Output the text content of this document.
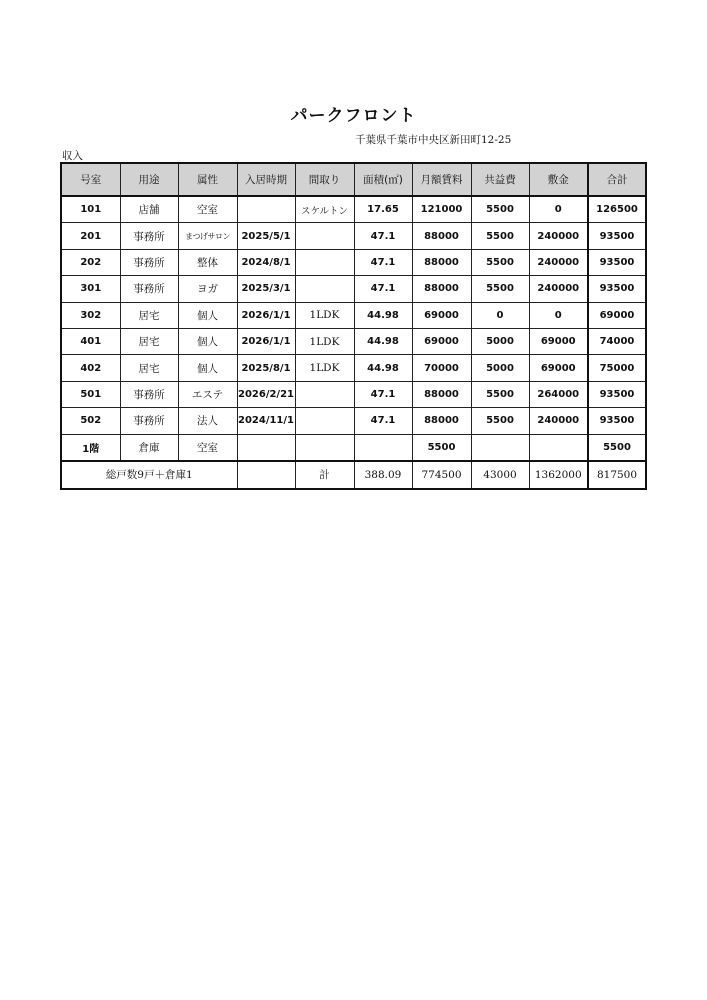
パークフロント
千葉県千葉市中央区新田町12-25
収入
号室	用途	属性	入居時期	間取り	面積(㎡)	月額賃料	共益費	敷金	合計
101	店舗	空室		スケルトン	17.65	121000	5500	0	126500
201	事務所	まつげサロン	2025/5/1		47.1	88000	5500	240000	93500
202	事務所	整体	2024/8/1		47.1	88000	5500	240000	93500
301	事務所	ヨガ	2025/3/1		47.1	88000	5500	240000	93500
302	居宅	個人	2026/1/1	1LDK	44.98	69000	0	0	69000
401	居宅	個人	2026/1/1	1LDK	44.98	69000	5000	69000	74000
402	居宅	個人	2025/8/1	1LDK	44.98	70000	5000	69000	75000
501	事務所	エステ	2026/2/21		47.1	88000	5500	264000	93500
502	事務所	法人	2024/11/1		47.1	88000	5500	240000	93500
1階	倉庫	空室				5500			5500
総戸数9戸＋倉庫1				計	388.09	774500	43000	1362000	817500
